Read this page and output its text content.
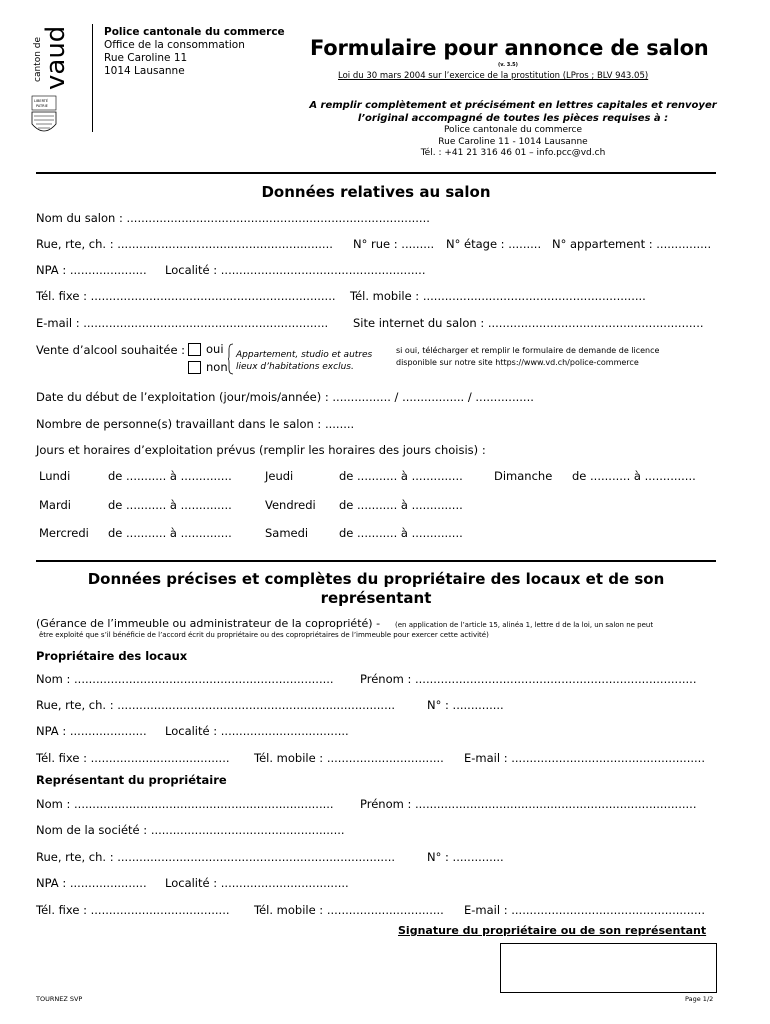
canton de
vaud
LIBERTÉ
PATRIE
Police cantonale du commerce
Office de la consommation
Rue Caroline 11
1014 Lausanne
Formulaire pour annonce de salon
(v. 3.5)
Loi du 30 mars 2004 sur l’exercice de la prostitution (LPros ; BLV 943.05)
A remplir complètement et précisément en lettres capitales et renvoyer l’original accompagné de toutes les pièces requises à :
Police cantonale du commerce
Rue Caroline 11 - 1014 Lausanne
Tél. : +41 21 316 46 01 – info.pcc@vd.ch
Données relatives au salon
Nom du salon : ...................................................................................
Rue, rte, ch. : ........................................................... N° rue : ......... N° étage : ......... N° appartement : ...............
NPA : ..................... Localité : ........................................................
Tél. fixe : ................................................................... Tél. mobile : .............................................................
E-mail : ................................................................... Site internet du salon : ...........................................................
Vente d’alcool souhaitée : oui
non
Appartement, studio et autres
lieux d’habitations exclus.
si oui, télécharger et remplir le formulaire de demande de licence
disponible sur notre site https://www.vd.ch/police-commerce
Date du début de l’exploitation (jour/mois/année) : ................ / ................. / ................
Nombre de personne(s) travaillant dans le salon : ........
Jours et horaires d’exploitation prévus (remplir les horaires des jours choisis) :
Lundi	de ........... à ..............	Jeudi	de ........... à ..............	Dimanche de ........... à ..............
Mardi	de ........... à ..............	Vendredi de ........... à ..............
Mercredi de ........... à ..............	Samedi	de ........... à ..............
Données précises et complètes du propriétaire des locaux et de son
représentant
(Gérance de l’immeuble ou administrateur de la copropriété) - (en application de l’article 15, alinéa 1, lettre d de la loi, un salon ne peut
être exploité que s’il bénéficie de l’accord écrit du propriétaire ou des copropriétaires de l’immeuble pour exercer cette activité)
Propriétaire des locaux
Nom : ....................................................................... Prénom : .............................................................................
Rue, rte, ch. : ............................................................................	N° : ..............
NPA : ..................... Localité : ...................................
Tél. fixe : ...................................... Tél. mobile : ................................ E-mail : .....................................................
Représentant du propriétaire
Nom : ....................................................................... Prénom : .............................................................................
Nom de la société : .....................................................
Rue, rte, ch. : ............................................................................	N° : ..............
NPA : ..................... Localité : ...................................
Tél. fixe : ...................................... Tél. mobile : ................................ E-mail : .....................................................
Signature du propriétaire ou de son représentant
TOURNEZ SVP	Page 1/2
